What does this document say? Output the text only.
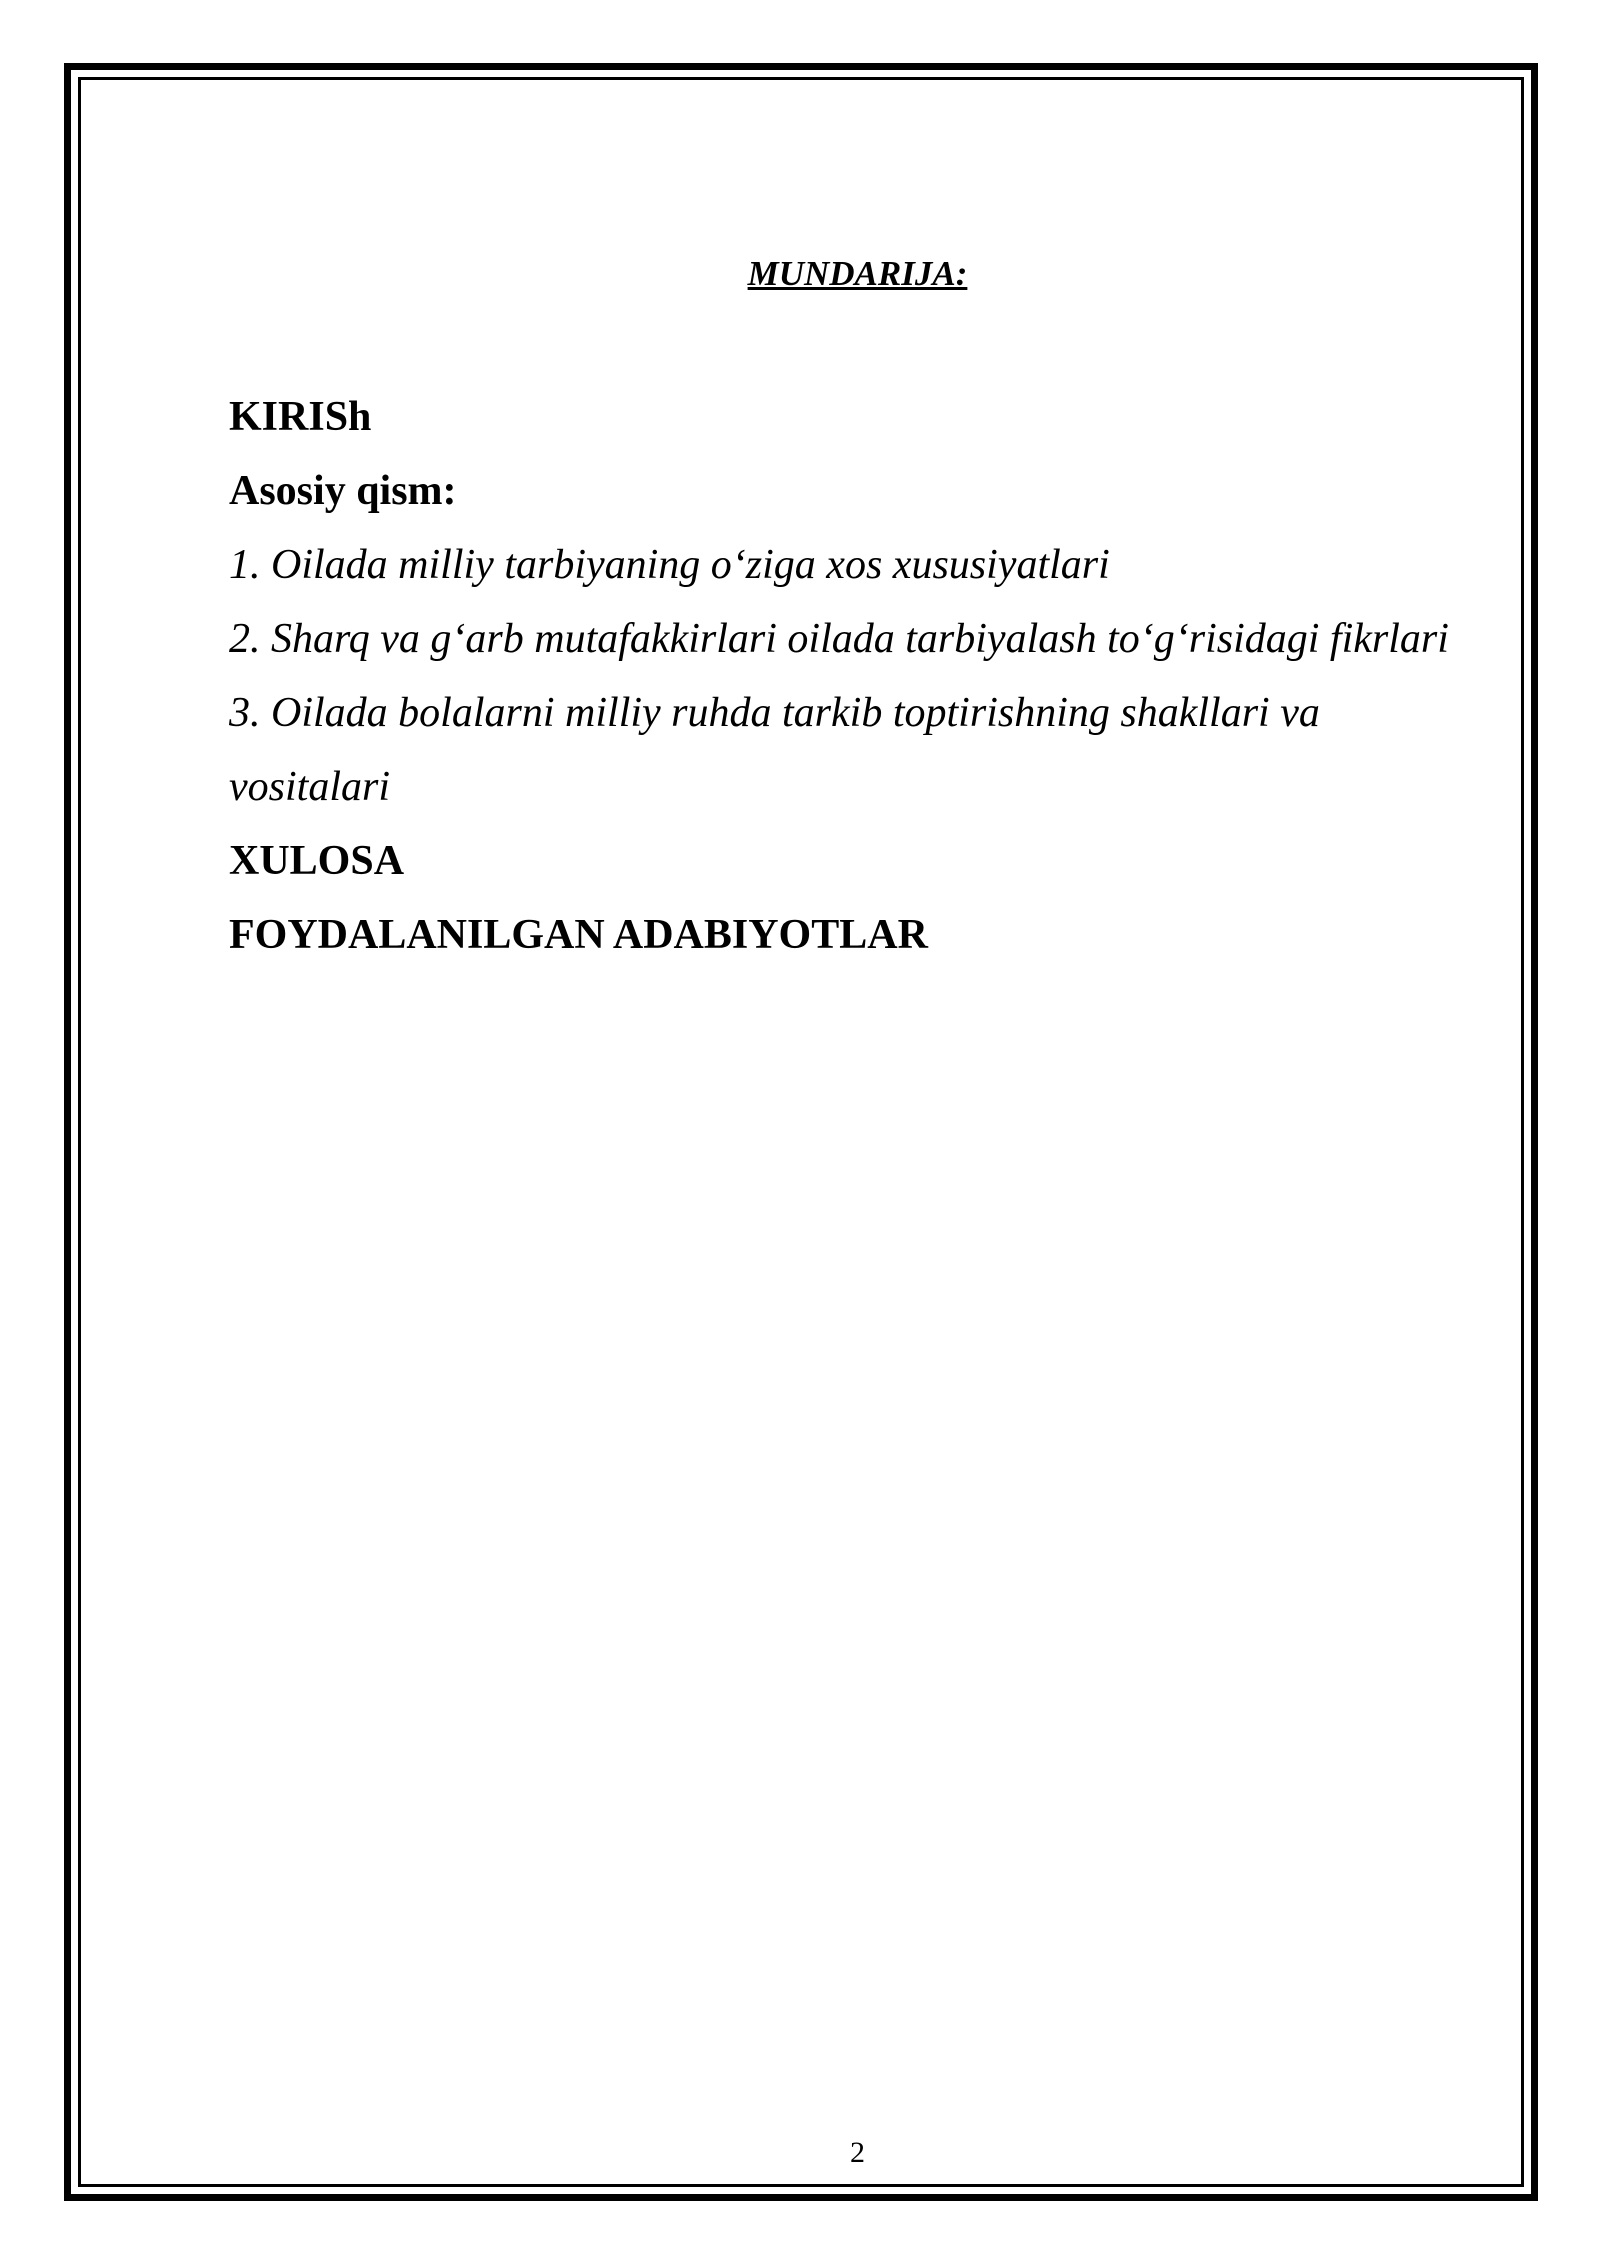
MUNDARIJA:
KIRISh
Asosiy qism:
1. Oilada milliy tarbiyaning o‘ziga xos xususiyatlari
2. Sharq va g‘arb mutafakkirlari oilada tarbiyalash to‘g‘risidagi fikrlari
3. Oilada bolalarni milliy ruhda tarkib toptirishning shakllari va vositalari
XULOSA
FOYDALANILGAN ADABIYOTLAR
2
